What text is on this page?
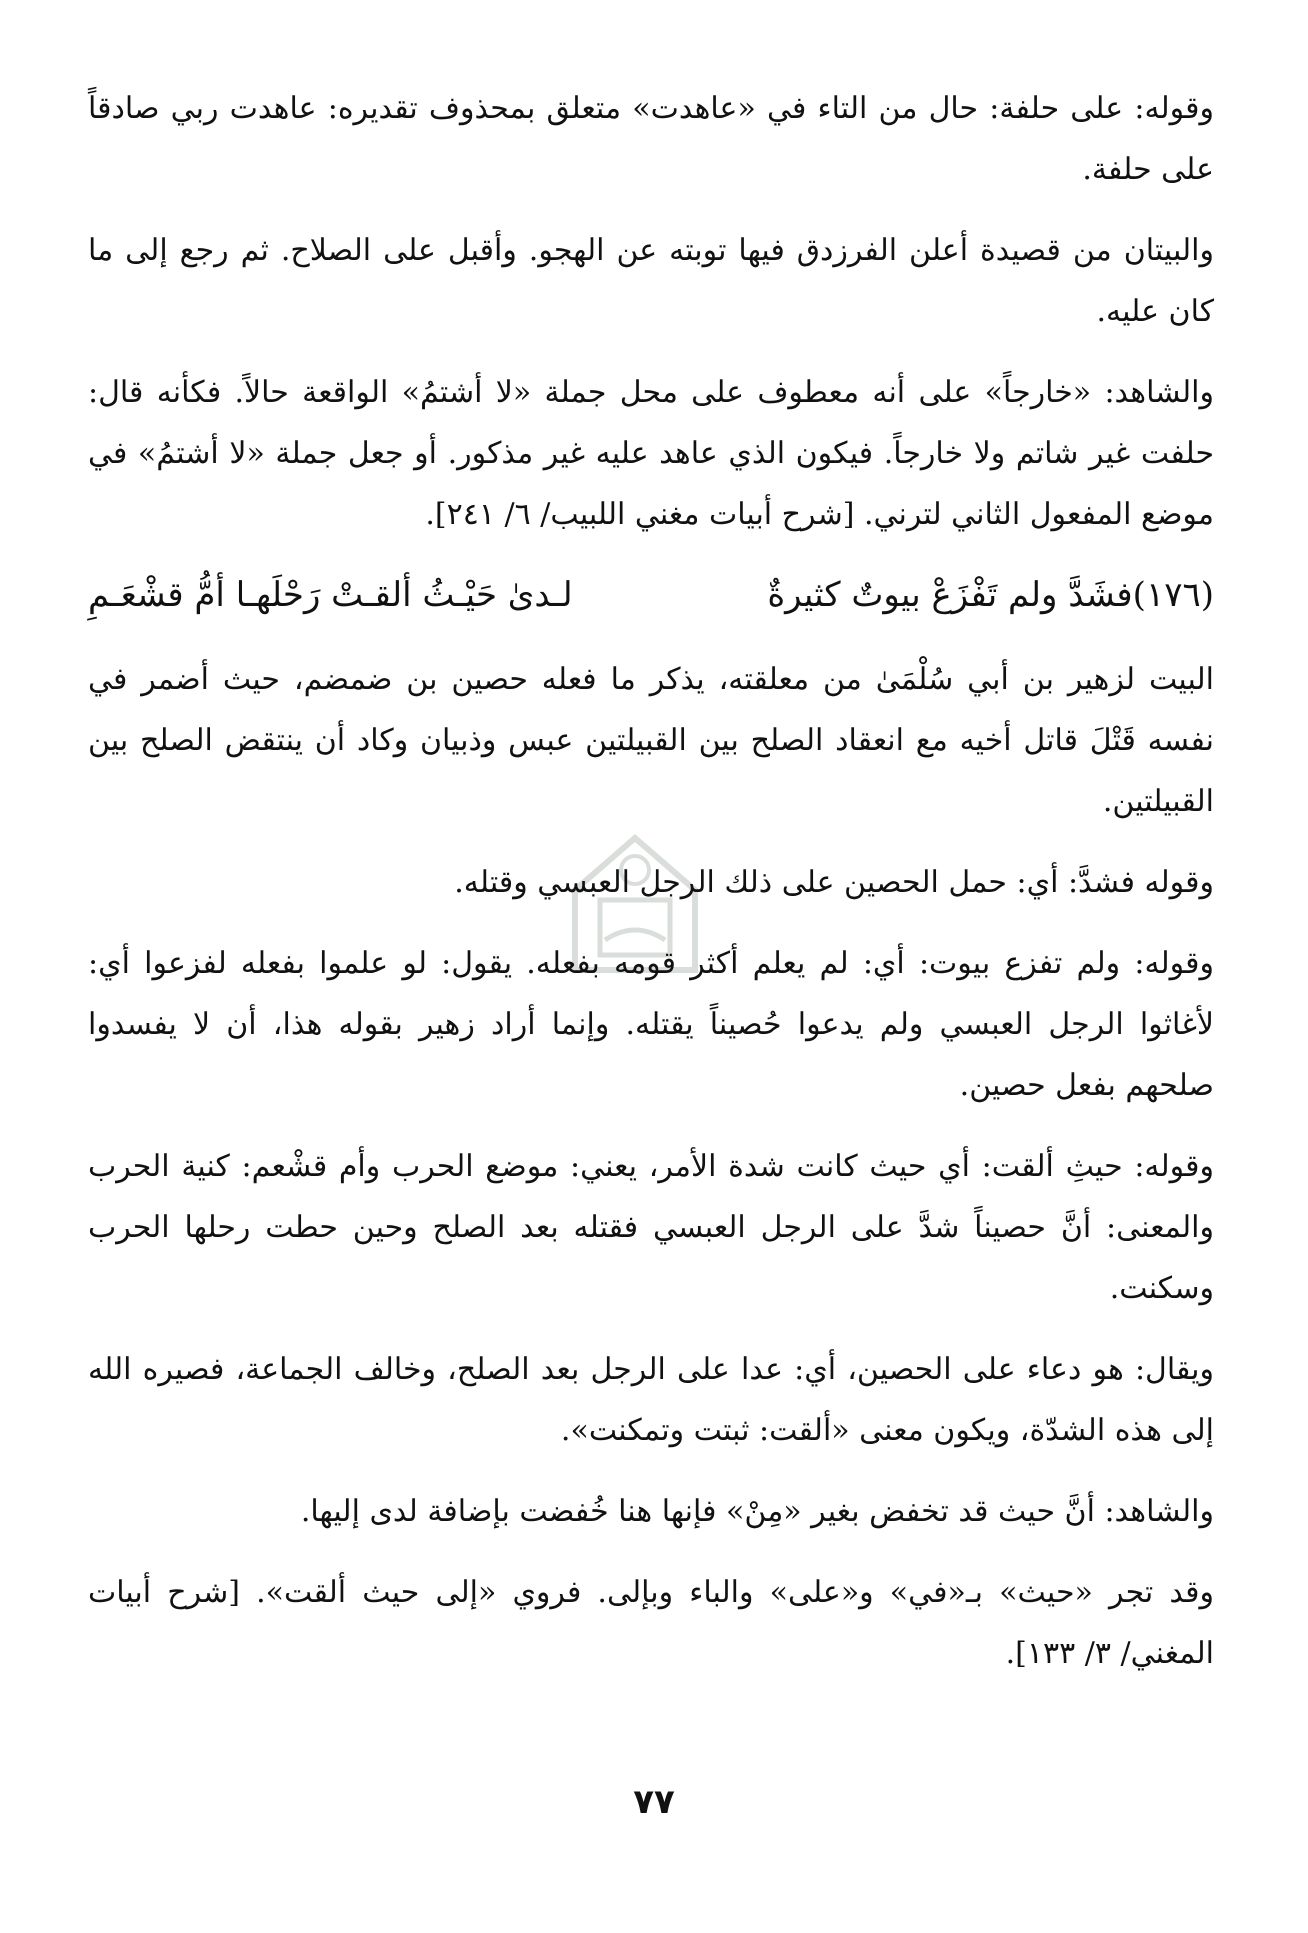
وقوله: على حلفة: حال من التاء في «عاهدت» متعلق بمحذوف تقديره: عاهدت ربي صادقاً على حلفة.

والبيتان من قصيدة أعلن الفرزدق فيها توبته عن الهجو. وأقبل على الصلاح. ثم رجع إلى ما كان عليه.

والشاهد: «خارجاً» على أنه معطوف على محل جملة «لا أشتمُ» الواقعة حالاً. فكأنه قال: حلفت غير شاتم ولا خارجاً. فيكون الذي عاهد عليه غير مذكور. أو جعل جملة «لا أشتمُ» في موضع المفعول الثاني لترني. [شرح أبيات مغني اللبيب/ ٦/ ٢٤١].

(١٧٦)فشَدَّ ولم تَفْزَعْ بيوتٌ كثيرةٌ
لـدىٰ حَيْـثُ ألقـتْ رَحْلَهـا أمُّ قشْعَـمِ

البيت لزهير بن أبي سُلْمَىٰ من معلقته، يذكر ما فعله حصين بن ضمضم، حيث أضمر في نفسه قَتْلَ قاتل أخيه مع انعقاد الصلح بين القبيلتين عبس وذبيان وكاد أن ينتقض الصلح بين القبيلتين.

وقوله فشدَّ: أي: حمل الحصين على ذلك الرجل العبسي وقتله.

وقوله: ولم تفزع بيوت: أي: لم يعلم أكثر قومه بفعله. يقول: لو علموا بفعله لفزعوا أي: لأغاثوا الرجل العبسي ولم يدعوا حُصيناً يقتله. وإنما أراد زهير بقوله هذا، أن لا يفسدوا صلحهم بفعل حصين.

وقوله: حيثِ ألقت: أي حيث كانت شدة الأمر، يعني: موضع الحرب وأم قشْعم: كنية الحرب والمعنى: أنَّ حصيناً شدَّ على الرجل العبسي فقتله بعد الصلح وحين حطت رحلها الحرب وسكنت.

ويقال: هو دعاء على الحصين، أي: عدا على الرجل بعد الصلح، وخالف الجماعة، فصيره الله إلى هذه الشدّة، ويكون معنى «ألقت: ثبتت وتمكنت».

والشاهد: أنَّ حيث قد تخفض بغير «مِنْ» فإنها هنا خُفضت بإضافة لدى إليها.

وقد تجر «حيث» بـ«في» و«على» والباء وبإلى. فروي «إلى حيث ألقت». [شرح أبيات المغني/ ٣/ ١٣٣].

٧٧
